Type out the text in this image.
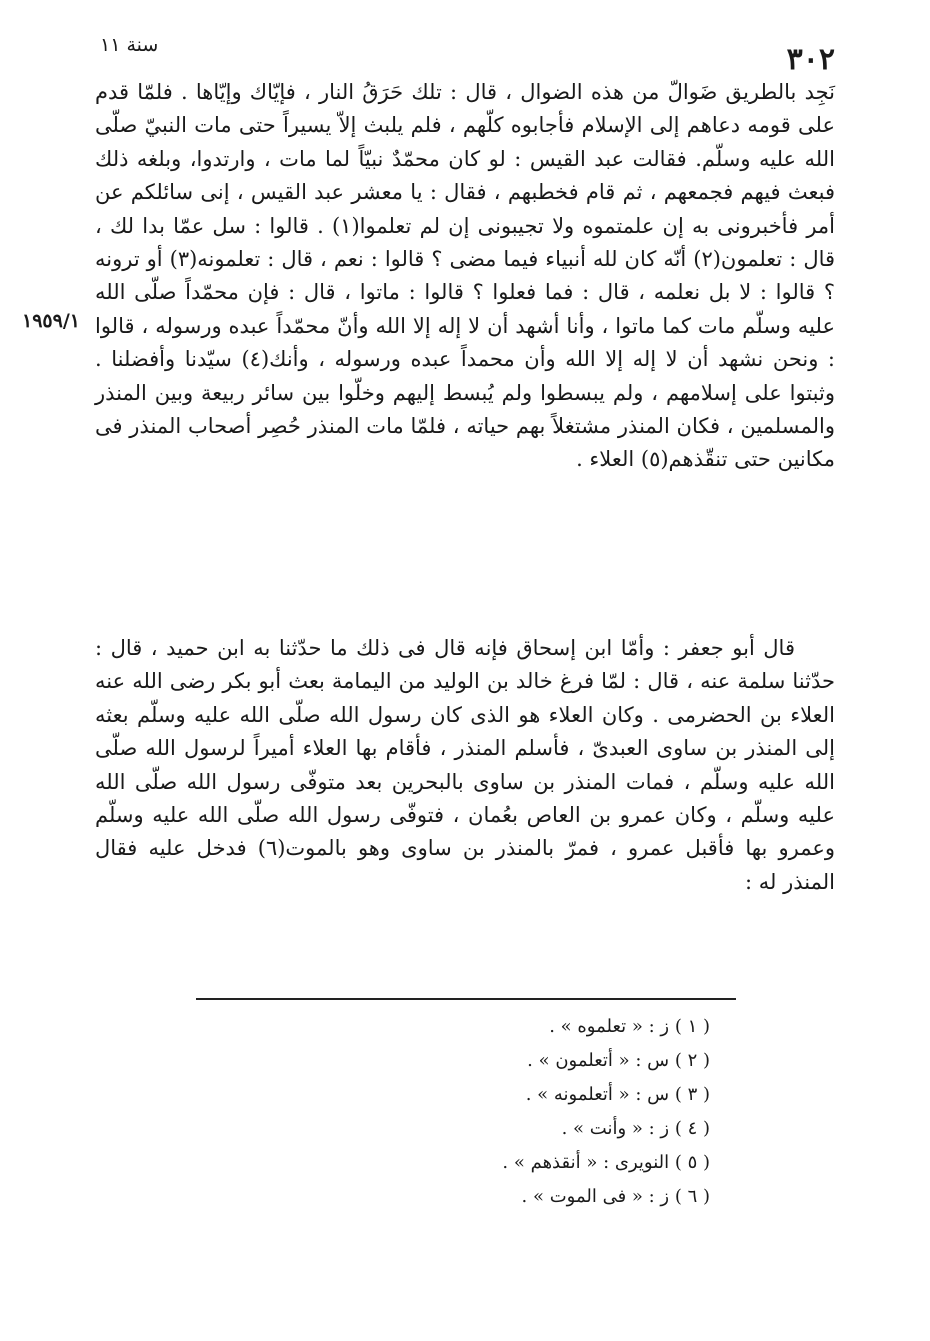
٣٠٢
سنة ١١
١٩٥٩/١

نَجِد بالطريق ضَوالّ من هذه الضوال ، قال : تلك حَرَقُ النار ، فإيّاك وإيّاها . فلمّا قدم على قومه دعاهم إلى الإسلام فأجابوه كلّهم ، فلم يلبث إلاّ يسيراً حتى مات النبيّ صلّى الله عليه وسلّم. فقالت عبد القيس : لو كان محمّدٌ نبيّاً لما مات ، وارتدوا، وبلغه ذلك فبعث فيهم فجمعهم ، ثم قام فخطبهم ، فقال : يا معشر عبد القيس ، إنى سائلكم عن أمر فأخبرونى به إن علمتموه ولا تجيبونى إن لم تعلموا(١) . قالوا : سل عمّا بدا لك ، قال : تعلمون(٢) أنّه كان لله أنبياء فيما مضى ؟ قالوا : نعم ، قال : تعلمونه(٣) أو ترونه ؟ قالوا : لا بل نعلمه ، قال : فما فعلوا ؟ قالوا : ماتوا ، قال : فإن محمّداً صلّى الله عليه وسلّم مات كما ماتوا ، وأنا أشهد أن لا إله إلا الله وأنّ محمّداً عبده ورسوله ، قالوا : ونحن نشهد أن لا إله إلا الله وأن محمداً عبده ورسوله ، وأنك(٤) سيّدنا وأفضلنا . وثبتوا على إسلامهم ، ولم يبسطوا ولم يُبسط إليهم وخلّوا بين سائر ربيعة وبين المنذر والمسلمين ، فكان المنذر مشتغلاً بهم حياته ، فلمّا مات المنذر حُصِر أصحاب المنذر فى مكانين حتى تنقّذهم(٥) العلاء .

قال أبو جعفر : وأمّا ابن إسحاق فإنه قال فى ذلك ما حدّثنا به ابن حميد ، قال : حدّثنا سلمة عنه ، قال : لمّا فرغ خالد بن الوليد من اليمامة بعث أبو بكر رضى الله عنه العلاء بن الحضرمى . وكان العلاء هو الذى كان رسول الله صلّى الله عليه وسلّم بعثه إلى المنذر بن ساوى العبدىّ ، فأسلم المنذر ، فأقام بها العلاء أميراً لرسول الله صلّى الله عليه وسلّم ، فمات المنذر بن ساوى بالبحرين بعد متوفّى رسول الله صلّى الله عليه وسلّم ، وكان عمرو بن العاص بعُمان ، فتوفّى رسول الله صلّى الله عليه وسلّم وعمرو بها فأقبل عمرو ، فمرّ بالمنذر بن ساوى وهو بالموت(٦) فدخل عليه فقال المنذر له :

( ١ ) ز : « تعلموه » .
( ٢ ) س : « أتعلمون » .
( ٣ ) س : « أتعلمونه » .
( ٤ ) ز : « وأنت » .
( ٥ ) النويرى : « أنقذهم » .
( ٦ ) ز : « فى الموت » .
